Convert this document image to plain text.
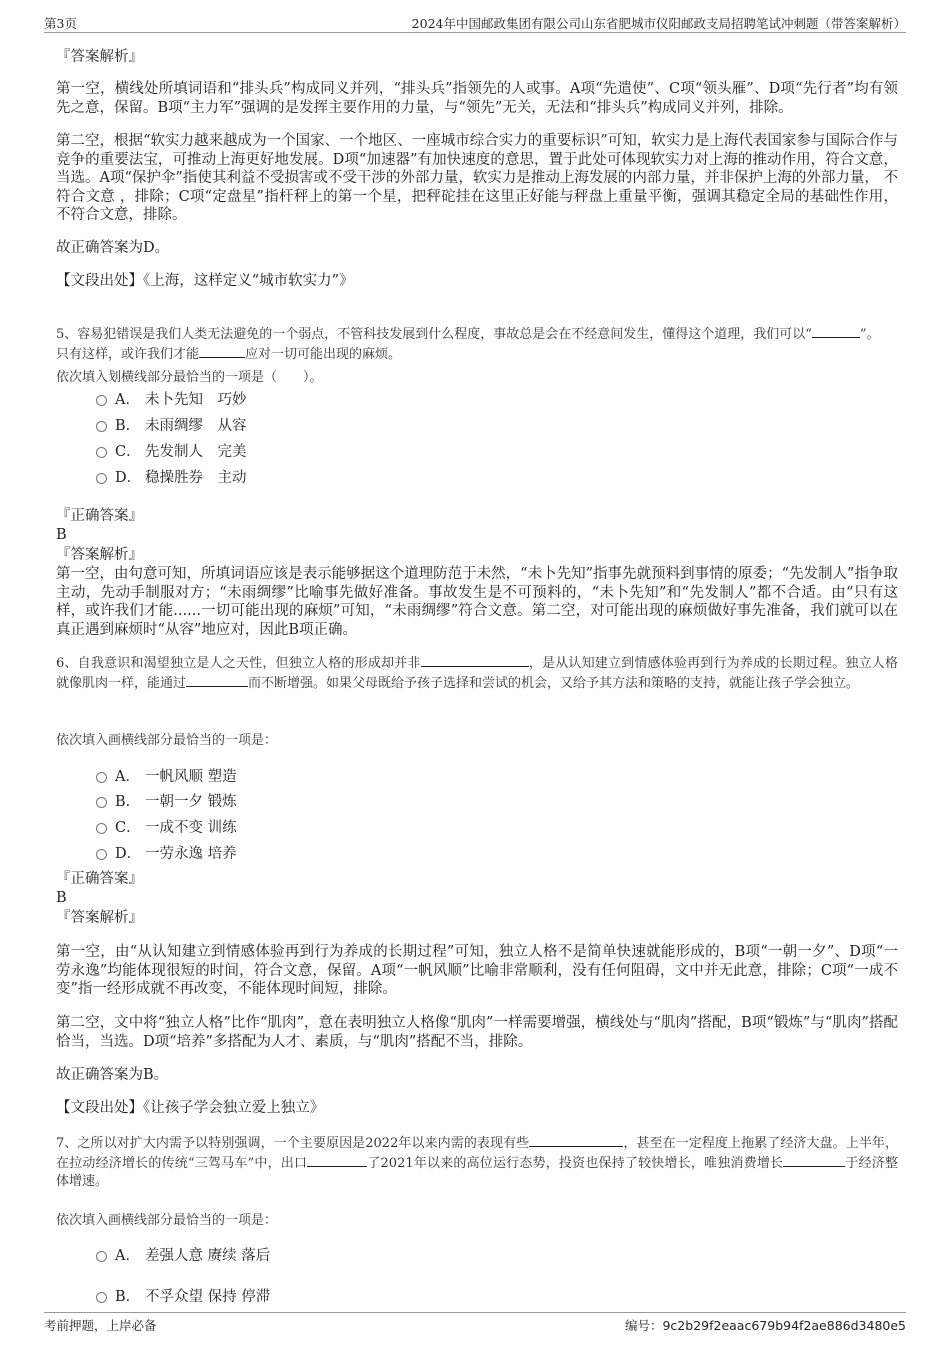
第3页	2024年中国邮政集团有限公司山东省肥城市仪阳邮政支局招聘笔试冲刺题（带答案解析）
『答案解析』
第一空，横线处所填词语和“排头兵”构成同义并列，“排头兵”指领先的人或事。A项“先遣使”、C项“领头雁”、D项“先行者”均有领先之意，保留。B项“主力军”强调的是发挥主要作用的力量，与“领先”无关，无法和“排头兵”构成同义并列，排除。
第二空，根据“软实力越来越成为一个国家、一个地区、一座城市综合实力的重要标识”可知，软实力是上海代表国家参与国际合作与竞争的重要法宝，可推动上海更好地发展。D项“加速器”有加快速度的意思，置于此处可体现软实力对上海的推动作用，符合文意，当选。A项“保护伞”指使其利益不受损害或不受干涉的外部力量，软实力是推动上海发展的内部力量，并非保护上海的外部力量， 不符合文意 ，排除；C项“定盘星”指杆秤上的第一个星，把秤砣挂在这里正好能与秤盘上重量平衡，强调其稳定全局的基础性作用，不符合文意，排除。
故正确答案为D。
【文段出处】《上海，这样定义“城市软实力”》
5、容易犯错误是我们人类无法避免的一个弱点，不管科技发展到什么程度，事故总是会在不经意间发生，懂得这个道理，我们可以“	”。
只有这样，或许我们才能	应对一切可能出现的麻烦。
依次填入划横线部分最恰当的一项是（　　）。
A． 未卜先知　巧妙
B． 未雨绸缪　从容
C． 先发制人　完美
D． 稳操胜券　主动
『正确答案』
B
『答案解析』
第一空，由句意可知，所填词语应该是表示能够据这个道理防范于未然，“未卜先知”指事先就预料到事情的原委；“先发制人”指争取主动，先动手制服对方；“未雨绸缪”比喻事先做好准备。事故发生是不可预料的，“未卜先知”和“先发制人”都不合适。由“只有这样，或许我们才能......一切可能出现的麻烦”可知，“未雨绸缪”符合文意。第二空，对可能出现的麻烦做好事先准备，我们就可以在真正遇到麻烦时“从容”地应对，因此B项正确。
6、自我意识和渴望独立是人之天性，但独立人格的形成却并非	，是从认知建立到情感体验再到行为养成的长期过程。独立人格就像肌肉一样，能通过	而不断增强。如果父母既给予孩子选择和尝试的机会，又给予其方法和策略的支持，就能让孩子学会独立。
依次填入画横线部分最恰当的一项是：
A． 一帆风顺 塑造
B． 一朝一夕 锻炼
C． 一成不变 训练
D． 一劳永逸 培养
『正确答案』
B
『答案解析』
第一空，由“从认知建立到情感体验再到行为养成的长期过程”可知，独立人格不是简单快速就能形成的，B项“一朝一夕”、D项“一劳永逸”均能体现很短的时间，符合文意，保留。A项“一帆风顺”比喻非常顺利，没有任何阻碍，文中并无此意，排除；C项“一成不变”指一经形成就不再改变，不能体现时间短，排除。
第二空，文中将“独立人格”比作“肌肉”，意在表明独立人格像“肌肉”一样需要增强，横线处与“肌肉”搭配，B项“锻炼”与“肌肉”搭配恰当，当选。D项“培养”多搭配为人才、素质，与“肌肉”搭配不当，排除。
故正确答案为B。
【文段出处】《让孩子学会独立爱上独立》
7、之所以对扩大内需予以特别强调，一个主要原因是2022年以来内需的表现有些	，甚至在一定程度上拖累了经济大盘。上半年，在拉动经济增长的传统“三驾马车”中，出口	了2021年以来的高位运行态势，投资也保持了较快增长，唯独消费增长	于经济整体增速。
依次填入画横线部分最恰当的一项是：
A． 差强人意 赓续 落后
B． 不孚众望 保持 停滞
考前押题，上岸必备	编号：9c2b29f2eaac679b94f2ae886d3480e5
